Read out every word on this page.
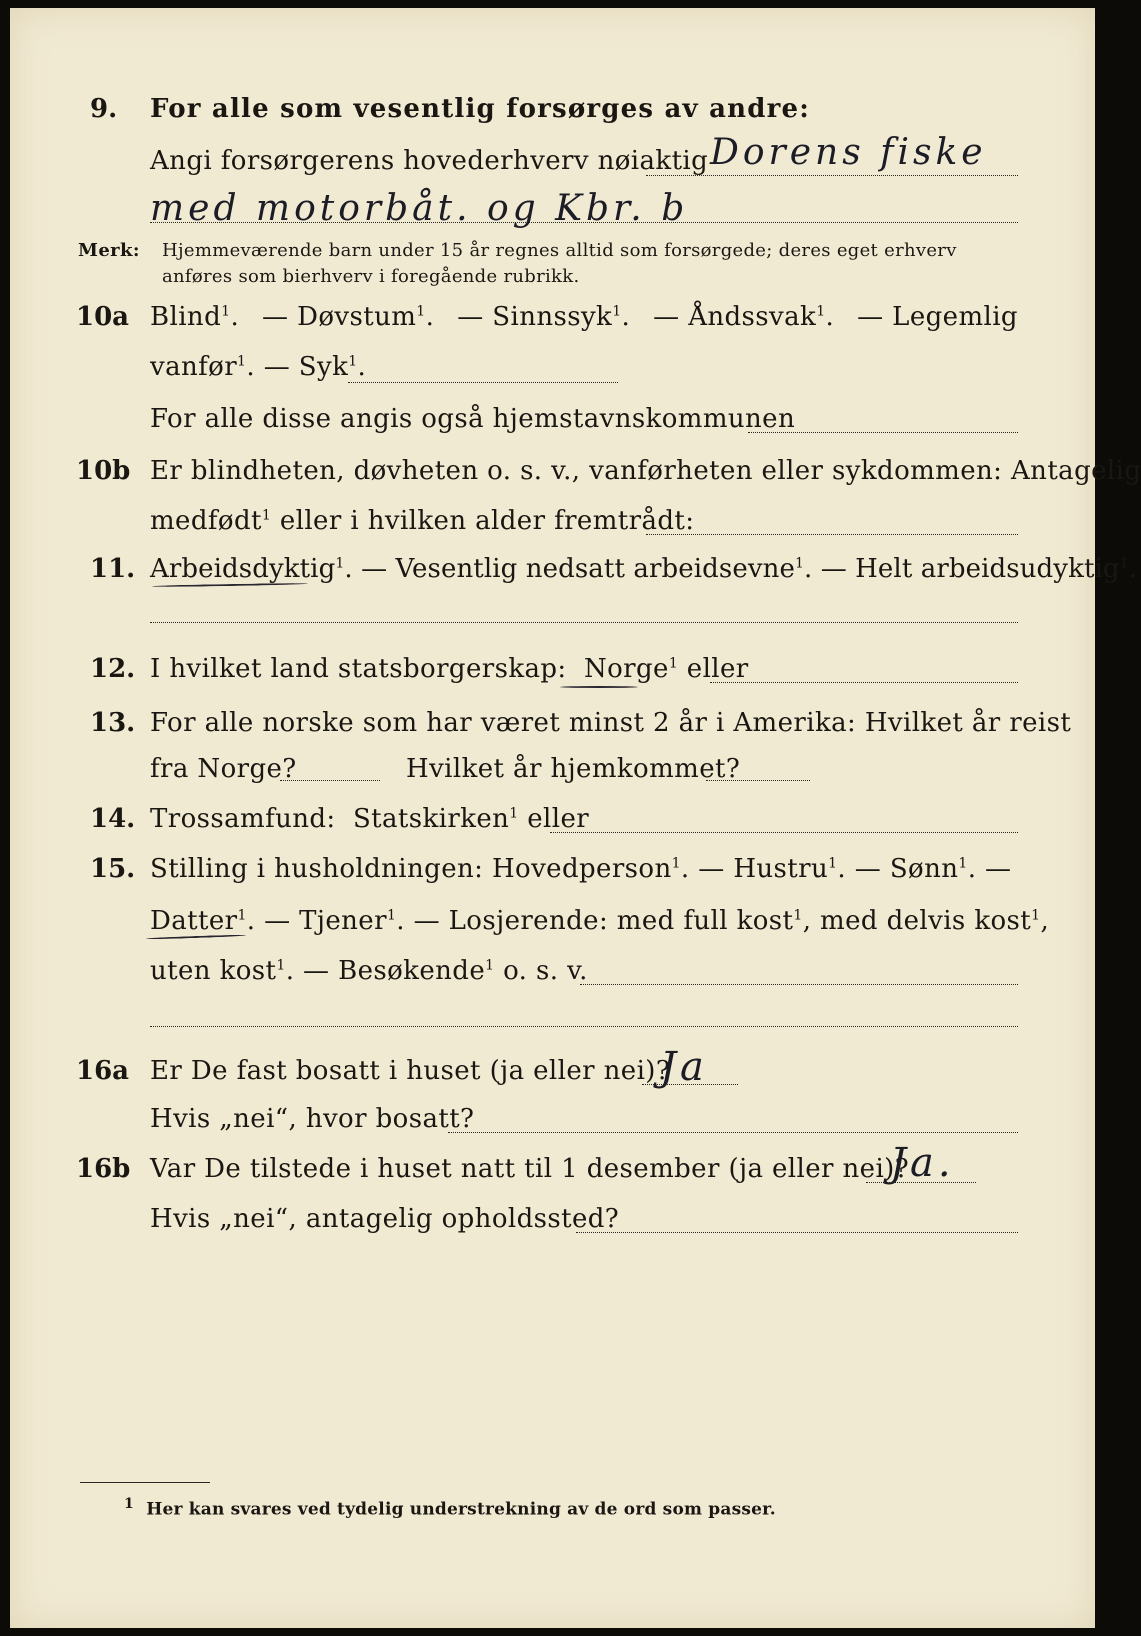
9. For alle som vesentlig forsørges av andre:
Angi forsørgerens hovederhverv nøiaktig Dorens fiske
med motorbåt. og Kbr. b
Merk: Hjemmeværende barn under 15 år regnes alltid som forsørgede; deres eget erhverv
anføres som bierhverv i foregående rubrikk.
10a Blind$^1$. — Døvstum$^1$. — Sinnssyk$^1$. — Åndssvak$^1$. — Legemlig
vanfør$^1$. — Syk$^1$.
For alle disse angis også hjemstavnskommunen
10b Er blindheten, døvheten o. s. v., vanførheten eller sykdommen: Antagelig
medfødt$^1$ eller i hvilken alder fremtrådt:
11. Arbeidsdyktig$^1$. — Vesentlig nedsatt arbeidsevne$^1$. — Helt arbeidsudyktig$^1$.
12. I hvilket land statsborgerskap: Norge$^1$ eller
13. For alle norske som har været minst 2 år i Amerika: Hvilket år reist
fra Norge?	Hvilket år hjemkommet?
14. Trossamfund: Statskirken$^1$ eller
15. Stilling i husholdningen: Hovedperson$^1$. — Hustru$^1$. — Sønn$^1$. —
Datter$^1$. — Tjener$^1$. — Losjerende: med full kost$^1$, med delvis kost$^1$,
uten kost$^1$. — Besøkende$^1$ o. s. v.
16a Er De fast bosatt i huset (ja eller nei)?
Ja
Hvis „nei“, hvor bosatt?
16b Var De tilstede i huset natt til 1 desember (ja eller nei)?
Ja.
Hvis „nei“, antagelig opholdssted?
$^1$ Her kan svares ved tydelig understrekning av de ord som passer.
